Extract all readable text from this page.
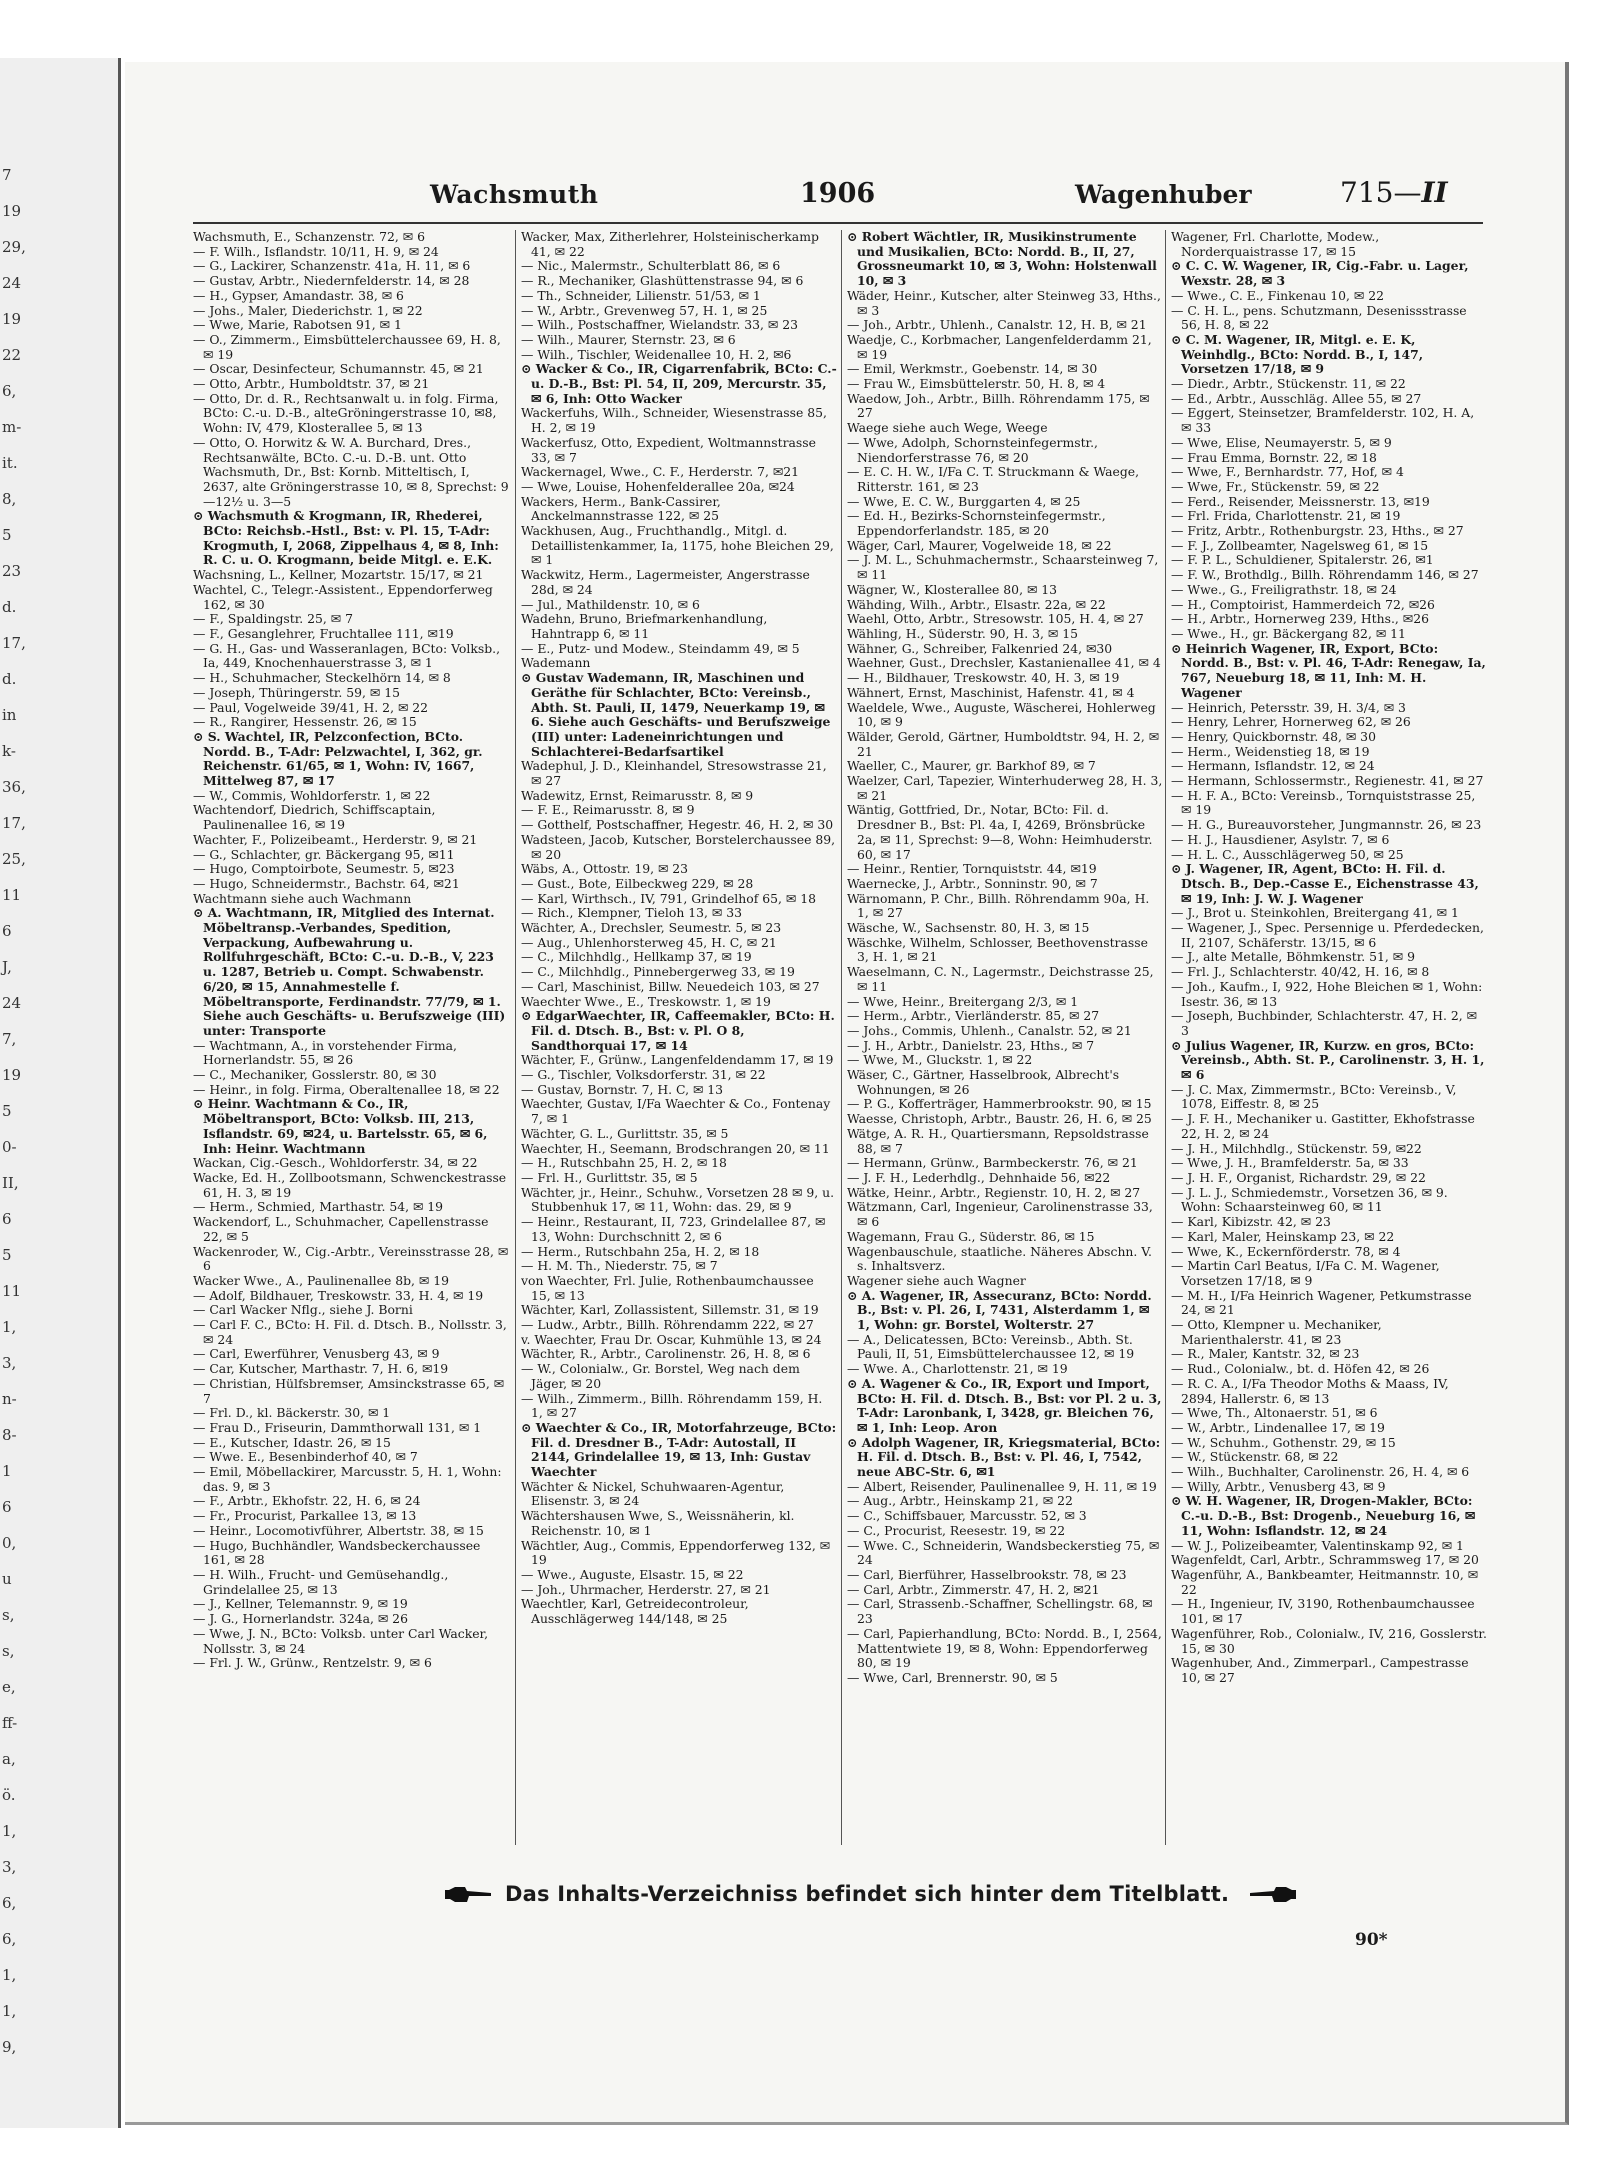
7
19
29,
24
19
22
6,
m-
it.
8,
5
23
d.
17,
d.
in
k-
36,
17,
25,
11
6
J,
24
7,
19
5
0-
II,
6
5
11
1,
3,
n-
8-
1
6
0,
u
s,
s,
e,
ff-
a,
ö.
1,
3,
6,
6,
1,
1,
9,
Wachsmuth	1906	Wagenhuber	715—II

Wachsmuth, E., Schanzenstr. 72, ✉ 6

— F. Wilh., Isflandstr. 10/11, H. 9, ✉ 24

— G., Lackirer, Schanzenstr. 41a, H. 11, ✉ 6

— Gustav, Arbtr., Niedernfelderstr. 14, ✉ 28

— H., Gypser, Amandastr. 38, ✉ 6

— Johs., Maler, Diederichstr. 1, ✉ 22

— Wwe, Marie, Rabotsen 91, ✉ 1

— O., Zimmerm., Eimsbüttelerchaussee 69, H. 8, ✉ 19

— Oscar, Desinfecteur, Schumannstr. 45, ✉ 21

— Otto, Arbtr., Humboldtstr. 37, ✉ 21

— Otto, Dr. d. R., Rechtsanwalt u. in folg. Firma, BCto: C.-u. D.-B., alteGröningerstrasse 10, ✉8, Wohn: IV, 479, Klosterallee 5, ✉ 13

— Otto, O. Horwitz & W. A. Burchard, Dres., Rechtsanwälte, BCto. C.-u. D.-B. unt. Otto Wachsmuth, Dr., Bst: Kornb. Mitteltisch, I, 2637, alte Gröningerstrasse 10, ✉ 8, Sprechst: 9—12½ u. 3—5

⊙ Wachsmuth & Krogmann, IR, Rhederei, BCto: Reichsb.-Hstl., Bst: v. Pl. 15, T-Adr: Krogmuth, I, 2068, Zippelhaus 4, ✉ 8, Inh: R. C. u. O. Krogmann, beide Mitgl. e. E.K.

Wachsning, L., Kellner, Mozartstr. 15/17, ✉ 21

Wachtel, C., Telegr.-Assistent., Eppendorferweg 162, ✉ 30

— F., Spaldingstr. 25, ✉ 7

— F., Gesanglehrer, Fruchtallee 111, ✉19

— G. H., Gas- und Wasseranlagen, BCto: Volksb., Ia, 449, Knochenhauerstrasse 3, ✉ 1

— H., Schuhmacher, Steckelhörn 14, ✉ 8

— Joseph, Thüringerstr. 59, ✉ 15

— Paul, Vogelweide 39/41, H. 2, ✉ 22

— R., Rangirer, Hessenstr. 26, ✉ 15

⊙ S. Wachtel, IR, Pelzconfection, BCto. Nordd. B., T-Adr: Pelzwachtel, I, 362, gr. Reichenstr. 61/65, ✉ 1, Wohn: IV, 1667, Mittelweg 87, ✉ 17

— W., Commis, Wohldorferstr. 1, ✉ 22

Wachtendorf, Diedrich, Schiffscaptain, Paulinenallee 16, ✉ 19

Wachter, F., Polizeibeamt., Herderstr. 9, ✉ 21

— G., Schlachter, gr. Bäckergang 95, ✉11

— Hugo, Comptoirbote, Seumestr. 5, ✉23

— Hugo, Schneidermstr., Bachstr. 64, ✉21

Wachtmann siehe auch Wachmann

⊙ A. Wachtmann, IR, Mitglied des Internat. Möbeltransp.-Verbandes, Spedition, Verpackung, Aufbewahrung u. Rollfuhrgeschäft, BCto: C.-u. D.-B., V, 223 u. 1287, Betrieb u. Compt. Schwabenstr. 6/20, ✉ 15, Annahmestelle f. Möbeltransporte, Ferdinandstr. 77/79, ✉ 1. Siehe auch Geschäfts- u. Berufszweige (III) unter: Transporte

— Wachtmann, A., in vorstehender Firma, Hornerlandstr. 55, ✉ 26

— C., Mechaniker, Gosslerstr. 80, ✉ 30

— Heinr., in folg. Firma, Oberaltenallee 18, ✉ 22

⊙ Heinr. Wachtmann & Co., IR, Möbeltransport, BCto: Volksb. III, 213, Isflandstr. 69, ✉24, u. Bartelsstr. 65, ✉ 6, Inh: Heinr. Wachtmann

Wackan, Cig.-Gesch., Wohldorferstr. 34, ✉ 22

Wacke, Ed. H., Zollbootsmann, Schwenckestrasse 61, H. 3, ✉ 19

— Herm., Schmied, Marthastr. 54, ✉ 19

Wackendorf, L., Schuhmacher, Capellenstrasse 22, ✉ 5

Wackenroder, W., Cig.-Arbtr., Vereinsstrasse 28, ✉ 6

Wacker Wwe., A., Paulinenallee 8b, ✉ 19

— Adolf, Bildhauer, Treskowstr. 33, H. 4, ✉ 19

— Carl Wacker Nflg., siehe J. Borni

— Carl F. C., BCto: H. Fil. d. Dtsch. B., Nollsstr. 3, ✉ 24

— Carl, Ewerführer, Venusberg 43, ✉ 9

— Car, Kutscher, Marthastr. 7, H. 6, ✉19

— Christian, Hülfsbremser, Amsinckstrasse 65, ✉ 7

— Frl. D., kl. Bäckerstr. 30, ✉ 1

— Frau D., Friseurin, Dammthorwall 131, ✉ 1

— E., Kutscher, Idastr. 26, ✉ 15

— Wwe. E., Besenbinderhof 40, ✉ 7

— Emil, Möbellackirer, Marcusstr. 5, H. 1, Wohn: das. 9, ✉ 3

— F., Arbtr., Ekhofstr. 22, H. 6, ✉ 24

— Fr., Procurist, Parkallee 13, ✉ 13

— Heinr., Locomotivführer, Albertstr. 38, ✉ 15

— Hugo, Buchhändler, Wandsbeckerchaussee 161, ✉ 28

— H. Wilh., Frucht- und Gemüsehandlg., Grindelallee 25, ✉ 13

— J., Kellner, Telemannstr. 9, ✉ 19

— J. G., Hornerlandstr. 324a, ✉ 26

— Wwe, J. N., BCto: Volksb. unter Carl Wacker, Nollsstr. 3, ✉ 24

— Frl. J. W., Grünw., Rentzelstr. 9, ✉ 6

Wacker, Max, Zitherlehrer, Holsteinischerkamp 41, ✉ 22

— Nic., Malermstr., Schulterblatt 86, ✉ 6

— R., Mechaniker, Glashüttenstrasse 94, ✉ 6

— Th., Schneider, Lilienstr. 51/53, ✉ 1

— W., Arbtr., Grevenweg 57, H. 1, ✉ 25

— Wilh., Postschaffner, Wielandstr. 33, ✉ 23

— Wilh., Maurer, Sternstr. 23, ✉ 6

— Wilh., Tischler, Weidenallee 10, H. 2, ✉6

⊙ Wacker & Co., IR, Cigarrenfabrik, BCto: C.-u. D.-B., Bst: Pl. 54, II, 209, Mercurstr. 35, ✉ 6, Inh: Otto Wacker

Wackerfuhs, Wilh., Schneider, Wiesenstrasse 85, H. 2, ✉ 19

Wackerfusz, Otto, Expedient, Woltmannstrasse 33, ✉ 7

Wackernagel, Wwe., C. F., Herderstr. 7, ✉21

— Wwe, Louise, Hohenfelderallee 20a, ✉24

Wackers, Herm., Bank-Cassirer, Anckelmannstrasse 122, ✉ 25

Wackhusen, Aug., Fruchthandlg., Mitgl. d. Detaillistenkammer, Ia, 1175, hohe Bleichen 29, ✉ 1

Wackwitz, Herm., Lagermeister, Angerstrasse 28d, ✉ 24

— Jul., Mathildenstr. 10, ✉ 6

Wadehn, Bruno, Briefmarkenhandlung, Hahntrapp 6, ✉ 11

— E., Putz- und Modew., Steindamm 49, ✉ 5

Wademann

⊙ Gustav Wademann, IR, Maschinen und Geräthe für Schlachter, BCto: Vereinsb., Abth. St. Pauli, II, 1479, Neuerkamp 19, ✉ 6. Siehe auch Geschäfts- und Berufszweige (III) unter: Ladeneinrichtungen und Schlachterei-Bedarfsartikel

Wadephul, J. D., Kleinhandel, Stresowstrasse 21, ✉ 27

Wadewitz, Ernst, Reimarusstr. 8, ✉ 9

— F. E., Reimarusstr. 8, ✉ 9

— Gotthelf, Postschaffner, Hegestr. 46, H. 2, ✉ 30

Wadsteen, Jacob, Kutscher, Borstelerchaussee 89, ✉ 20

Wäbs, A., Ottostr. 19, ✉ 23

— Gust., Bote, Eilbeckweg 229, ✉ 28

— Karl, Wirthsch., IV, 791, Grindelhof 65, ✉ 18

— Rich., Klempner, Tieloh 13, ✉ 33

Wächter, A., Drechsler, Seumestr. 5, ✉ 23

— Aug., Uhlenhorsterweg 45, H. C, ✉ 21

— C., Milchhdlg., Hellkamp 37, ✉ 19

— C., Milchhdlg., Pinnebergerweg 33, ✉ 19

— Carl, Maschinist, Billw. Neuedeich 103, ✉ 27

Waechter Wwe., E., Treskowstr. 1, ✉ 19

⊙ EdgarWaechter, IR, Caffeemakler, BCto: H. Fil. d. Dtsch. B., Bst: v. Pl. O 8, Sandthorquai 17, ✉ 14

Wächter, F., Grünw., Langenfeldendamm 17, ✉ 19

— G., Tischler, Volksdorferstr. 31, ✉ 22

— Gustav, Bornstr. 7, H. C, ✉ 13

Waechter, Gustav, I/Fa Waechter & Co., Fontenay 7, ✉ 1

Wächter, G. L., Gurlittstr. 35, ✉ 5

Waechter, H., Seemann, Brodschrangen 20, ✉ 11

— H., Rutschbahn 25, H. 2, ✉ 18

— Frl. H., Gurlittstr. 35, ✉ 5

Wächter, jr., Heinr., Schuhw., Vorsetzen 28 ✉ 9, u. Stubbenhuk 17, ✉ 11, Wohn: das. 29, ✉ 9

— Heinr., Restaurant, II, 723, Grindelallee 87, ✉ 13, Wohn: Durchschnitt 2, ✉ 6

— Herm., Rutschbahn 25a, H. 2, ✉ 18

— H. M. Th., Niederstr. 75, ✉ 7

von Waechter, Frl. Julie, Rothenbaumchaussee 15, ✉ 13

Wächter, Karl, Zollassistent, Sillemstr. 31, ✉ 19

— Ludw., Arbtr., Billh. Röhrendamm 222, ✉ 27

v. Waechter, Frau Dr. Oscar, Kuhmühle 13, ✉ 24

Wächter, R., Arbtr., Carolinenstr. 26, H. 8, ✉ 6

— W., Colonialw., Gr. Borstel, Weg nach dem Jäger, ✉ 20

— Wilh., Zimmerm., Billh. Röhrendamm 159, H. 1, ✉ 27

⊙ Waechter & Co., IR, Motorfahrzeuge, BCto: Fil. d. Dresdner B., T-Adr: Autostall, II 2144, Grindelallee 19, ✉ 13, Inh: Gustav Waechter

Wächter & Nickel, Schuhwaaren-Agentur, Elisenstr. 3, ✉ 24

Wächtershausen Wwe, S., Weissnäherin, kl. Reichenstr. 10, ✉ 1

Wächtler, Aug., Commis, Eppendorferweg 132, ✉ 19

— Wwe., Auguste, Elsastr. 15, ✉ 22

— Joh., Uhrmacher, Herderstr. 27, ✉ 21

Waechtler, Karl, Getreidecontroleur, Ausschlägerweg 144/148, ✉ 25

⊙ Robert Wächtler, IR, Musikinstrumente und Musikalien, BCto: Nordd. B., II, 27, Grossneumarkt 10, ✉ 3, Wohn: Holstenwall 10, ✉ 3

Wäder, Heinr., Kutscher, alter Steinweg 33, Hths., ✉ 3

— Joh., Arbtr., Uhlenh., Canalstr. 12, H. B, ✉ 21

Waedje, C., Korbmacher, Langenfelderdamm 21, ✉ 19

— Emil, Werkmstr., Goebenstr. 14, ✉ 30

— Frau W., Eimsbüttelerstr. 50, H. 8, ✉ 4

Waedow, Joh., Arbtr., Billh. Röhrendamm 175, ✉ 27

Waege siehe auch Wege, Weege

— Wwe, Adolph, Schornsteinfegermstr., Niendorferstrasse 76, ✉ 20

— E. C. H. W., I/Fa C. T. Struckmann & Waege, Ritterstr. 161, ✉ 23

— Wwe, E. C. W., Burggarten 4, ✉ 25

— Ed. H., Bezirks-Schornsteinfegermstr., Eppendorferlandstr. 185, ✉ 20

Wäger, Carl, Maurer, Vogelweide 18, ✉ 22

— J. M. L., Schuhmachermstr., Schaarsteinweg 7, ✉ 11

Wägner, W., Klosterallee 80, ✉ 13

Wähding, Wilh., Arbtr., Elsastr. 22a, ✉ 22

Waehl, Otto, Arbtr., Stresowstr. 105, H. 4, ✉ 27

Wähling, H., Süderstr. 90, H. 3, ✉ 15

Wähner, G., Schreiber, Falkenried 24, ✉30

Waehner, Gust., Drechsler, Kastanienallee 41, ✉ 4

— H., Bildhauer, Treskowstr. 40, H. 3, ✉ 19

Wähnert, Ernst, Maschinist, Hafenstr. 41, ✉ 4

Waeldele, Wwe., Auguste, Wäscherei, Hohlerweg 10, ✉ 9

Wälder, Gerold, Gärtner, Humboldtstr. 94, H. 2, ✉ 21

Waeller, C., Maurer, gr. Barkhof 89, ✉ 7

Waelzer, Carl, Tapezier, Winterhuderweg 28, H. 3, ✉ 21

Wäntig, Gottfried, Dr., Notar, BCto: Fil. d. Dresdner B., Bst: Pl. 4a, I, 4269, Brönsbrücke 2a, ✉ 11, Sprechst: 9—8, Wohn: Heimhuderstr. 60, ✉ 17

— Heinr., Rentier, Tornquiststr. 44, ✉19

Waernecke, J., Arbtr., Sonninstr. 90, ✉ 7

Wärnomann, P. Chr., Billh. Röhrendamm 90a, H. 1, ✉ 27

Wäsche, W., Sachsenstr. 80, H. 3, ✉ 15

Wäschke, Wilhelm, Schlosser, Beethovenstrasse 3, H. 1, ✉ 21

Waeselmann, C. N., Lagermstr., Deichstrasse 25, ✉ 11

— Wwe, Heinr., Breitergang 2/3, ✉ 1

— Herm., Arbtr., Vierländerstr. 85, ✉ 27

— Johs., Commis, Uhlenh., Canalstr. 52, ✉ 21

— J. H., Arbtr., Danielstr. 23, Hths., ✉ 7

— Wwe, M., Gluckstr. 1, ✉ 22

Wäser, C., Gärtner, Hasselbrook, Albrecht's Wohnungen, ✉ 26

— P. G., Kofferträger, Hammerbrookstr. 90, ✉ 15

Waesse, Christoph, Arbtr., Baustr. 26, H. 6, ✉ 25

Wätge, A. R. H., Quartiersmann, Repsoldstrasse 88, ✉ 7

— Hermann, Grünw., Barmbeckerstr. 76, ✉ 21

— J. F. H., Lederhdlg., Dehnhaide 56, ✉22

Wätke, Heinr., Arbtr., Regienstr. 10, H. 2, ✉ 27

Wätzmann, Carl, Ingenieur, Carolinenstrasse 33, ✉ 6

Wagemann, Frau G., Süderstr. 86, ✉ 15

Wagenbauschule, staatliche. Näheres Abschn. V. s. Inhaltsverz.

Wagener siehe auch Wagner

⊙ A. Wagener, IR, Assecuranz, BCto: Nordd. B., Bst: v. Pl. 26, I, 7431, Alsterdamm 1, ✉ 1, Wohn: gr. Borstel, Wolterstr. 27

— A., Delicatessen, BCto: Vereinsb., Abth. St. Pauli, II, 51, Eimsbüttelerchaussee 12, ✉ 19

— Wwe. A., Charlottenstr. 21, ✉ 19

⊙ A. Wagener & Co., IR, Export und Import, BCto: H. Fil. d. Dtsch. B., Bst: vor Pl. 2 u. 3, T-Adr: Laronbank, I, 3428, gr. Bleichen 76, ✉ 1, Inh: Leop. Aron

⊙ Adolph Wagener, IR, Kriegsmaterial, BCto: H. Fil. d. Dtsch. B., Bst: v. Pl. 46, I, 7542, neue ABC-Str. 6, ✉1

— Albert, Reisender, Paulinenallee 9, H. 11, ✉ 19

— Aug., Arbtr., Heinskamp 21, ✉ 22

— C., Schiffsbauer, Marcusstr. 52, ✉ 3

— C., Procurist, Reesestr. 19, ✉ 22

— Wwe. C., Schneiderin, Wandsbeckerstieg 75, ✉ 24

— Carl, Bierführer, Hasselbrookstr. 78, ✉ 23

— Carl, Arbtr., Zimmerstr. 47, H. 2, ✉21

— Carl, Strassenb.-Schaffner, Schellingstr. 68, ✉ 23

— Carl, Papierhandlung, BCto: Nordd. B., I, 2564, Mattentwiete 19, ✉ 8, Wohn: Eppendorferweg 80, ✉ 19

— Wwe, Carl, Brennerstr. 90, ✉ 5

Wagener, Frl. Charlotte, Modew., Norderquaistrasse 17, ✉ 15

⊙ C. C. W. Wagener, IR, Cig.-Fabr. u. Lager, Wexstr. 28, ✉ 3

— Wwe., C. E., Finkenau 10, ✉ 22

— C. H. L., pens. Schutzmann, Desenissstrasse 56, H. 8, ✉ 22

⊙ C. M. Wagener, IR, Mitgl. e. E. K, Weinhdlg., BCto: Nordd. B., I, 147, Vorsetzen 17/18, ✉ 9

— Diedr., Arbtr., Stückenstr. 11, ✉ 22

— Ed., Arbtr., Ausschläg. Allee 55, ✉ 27

— Eggert, Steinsetzer, Bramfelderstr. 102, H. A, ✉ 33

— Wwe, Elise, Neumayerstr. 5, ✉ 9

— Frau Emma, Bornstr. 22, ✉ 18

— Wwe, F., Bernhardstr. 77, Hof, ✉ 4

— Wwe, Fr., Stückenstr. 59, ✉ 22

— Ferd., Reisender, Meissnerstr. 13, ✉19

— Frl. Frida, Charlottenstr. 21, ✉ 19

— Fritz, Arbtr., Rothenburgstr. 23, Hths., ✉ 27

— F. J., Zollbeamter, Nagelsweg 61, ✉ 15

— F. P. L., Schuldiener, Spitalerstr. 26, ✉1

— F. W., Brothdlg., Billh. Röhrendamm 146, ✉ 27

— Wwe., G., Freiligrathstr. 18, ✉ 24

— H., Comptoirist, Hammerdeich 72, ✉26

— H., Arbtr., Hornerweg 239, Hths., ✉26

— Wwe., H., gr. Bäckergang 82, ✉ 11

⊙ Heinrich Wagener, IR, Export, BCto: Nordd. B., Bst: v. Pl. 46, T-Adr: Renegaw, Ia, 767, Neueburg 18, ✉ 11, Inh: M. H. Wagener

— Heinrich, Petersstr. 39, H. 3/4, ✉ 3

— Henry, Lehrer, Hornerweg 62, ✉ 26

— Henry, Quickbornstr. 48, ✉ 30

— Herm., Weidenstieg 18, ✉ 19

— Hermann, Isflandstr. 12, ✉ 24

— Hermann, Schlossermstr., Regienestr. 41, ✉ 27

— H. F. A., BCto: Vereinsb., Tornquiststrasse 25, ✉ 19

— H. G., Bureauvorsteher, Jungmannstr. 26, ✉ 23

— H. J., Hausdiener, Asylstr. 7, ✉ 6

— H. L. C., Ausschlägerweg 50, ✉ 25

⊙ J. Wagener, IR, Agent, BCto: H. Fil. d. Dtsch. B., Dep.-Casse E., Eichenstrasse 43, ✉ 19, Inh: J. W. J. Wagener

— J., Brot u. Steinkohlen, Breitergang 41, ✉ 1

— Wagener, J., Spec. Persennige u. Pferdedecken, II, 2107, Schäferstr. 13/15, ✉ 6

— J., alte Metalle, Böhmkenstr. 51, ✉ 9

— Frl. J., Schlachterstr. 40/42, H. 16, ✉ 8

— Joh., Kaufm., I, 922, Hohe Bleichen ✉ 1, Wohn: Isestr. 36, ✉ 13

— Joseph, Buchbinder, Schlachterstr. 47, H. 2, ✉ 3

⊙ Julius Wagener, IR, Kurzw. en gros, BCto: Vereinsb., Abth. St. P., Carolinenstr. 3, H. 1, ✉ 6

— J. C. Max, Zimmermstr., BCto: Vereinsb., V, 1078, Eiffestr. 8, ✉ 25

— J. F. H., Mechaniker u. Gastitter, Ekhofstrasse 22, H. 2, ✉ 24

— J. H., Milchhdlg., Stückenstr. 59, ✉22

— Wwe, J. H., Bramfelderstr. 5a, ✉ 33

— J. H. F., Organist, Richardstr. 29, ✉ 22

— J. L. J., Schmiedemstr., Vorsetzen 36, ✉ 9. Wohn: Schaarsteinweg 60, ✉ 11

— Karl, Kibizstr. 42, ✉ 23

— Karl, Maler, Heinskamp 23, ✉ 22

— Wwe, K., Eckernförderstr. 78, ✉ 4

— Martin Carl Beatus, I/Fa C. M. Wagener, Vorsetzen 17/18, ✉ 9

— M. H., I/Fa Heinrich Wagener, Petkumstrasse 24, ✉ 21

— Otto, Klempner u. Mechaniker, Marienthalerstr. 41, ✉ 23

— R., Maler, Kantstr. 32, ✉ 23

— Rud., Colonialw., bt. d. Höfen 42, ✉ 26

— R. C. A., I/Fa Theodor Moths & Maass, IV, 2894, Hallerstr. 6, ✉ 13

— Wwe, Th., Altonaerstr. 51, ✉ 6

— W., Arbtr., Lindenallee 17, ✉ 19

— W., Schuhm., Gothenstr. 29, ✉ 15

— W., Stückenstr. 68, ✉ 22

— Wilh., Buchhalter, Carolinenstr. 26, H. 4, ✉ 6

— Willy, Arbtr., Venusberg 43, ✉ 9

⊙ W. H. Wagener, IR, Drogen-Makler, BCto: C.-u. D.-B., Bst: Drogenb., Neueburg 16, ✉11, Wohn: Isflandstr. 12, ✉ 24

— W. J., Polizeibeamter, Valentinskamp 92, ✉ 1

Wagenfeldt, Carl, Arbtr., Schrammsweg 17, ✉ 20

Wagenführ, A., Bankbeamter, Heitmannstr. 10, ✉ 22

— H., Ingenieur, IV, 3190, Rothenbaumchaussee 101, ✉ 17

Wagenführer, Rob., Colonialw., IV, 216, Gosslerstr. 15, ✉ 30

Wagenhuber, And., Zimmerparl., Campestrasse 10, ✉ 27

Das Inhalts-Verzeichniss befindet sich hinter dem Titelblatt.
90*
